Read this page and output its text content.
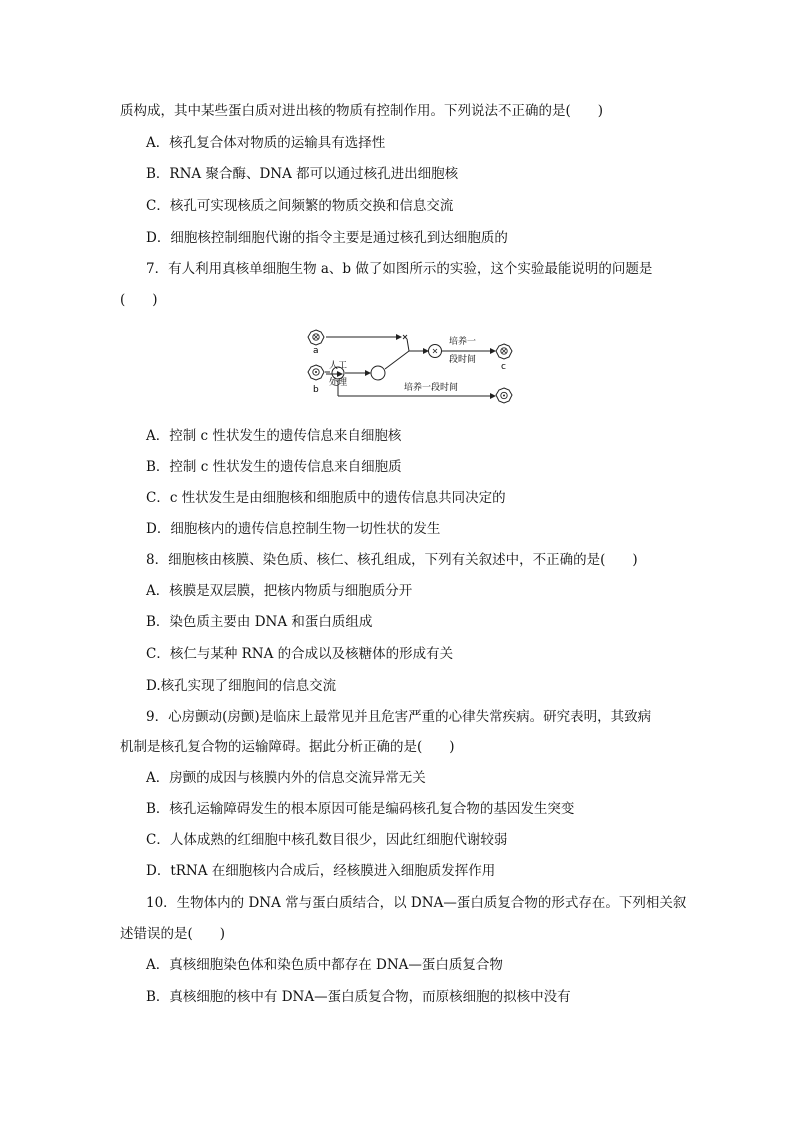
质构成，其中某些蛋白质对进出核的物质有控制作用。下列说法不正确的是(　　)
A．核孔复合体对物质的运输具有选择性
B．RNA 聚合酶、DNA 都可以通过核孔进出细胞核
C．核孔可实现核质之间频繁的物质交换和信息交流
D．细胞核控制细胞代谢的指令主要是通过核孔到达细胞质的
7．有人利用真核单细胞生物 a、b 做了如图所示的实验，这个实验最能说明的问题是
(　　)
a
b
人工
处理
培养一
段时间
c
培养一段时间
A．控制 c 性状发生的遗传信息来自细胞核
B．控制 c 性状发生的遗传信息来自细胞质
C．c 性状发生是由细胞核和细胞质中的遗传信息共同决定的
D．细胞核内的遗传信息控制生物一切性状的发生
8．细胞核由核膜、染色质、核仁、核孔组成，下列有关叙述中，不正确的是(　　)
A．核膜是双层膜，把核内物质与细胞质分开
B．染色质主要由 DNA 和蛋白质组成
C．核仁与某种 RNA 的合成以及核糖体的形成有关
D.核孔实现了细胞间的信息交流
9．心房颤动(房颤)是临床上最常见并且危害严重的心律失常疾病。研究表明，其致病
机制是核孔复合物的运输障碍。据此分析正确的是(　　)
A．房颤的成因与核膜内外的信息交流异常无关
B．核孔运输障碍发生的根本原因可能是编码核孔复合物的基因发生突变
C．人体成熟的红细胞中核孔数目很少，因此红细胞代谢较弱
D．tRNA 在细胞核内合成后，经核膜进入细胞质发挥作用
10．生物体内的 DNA 常与蛋白质结合，以 DNA—蛋白质复合物的形式存在。下列相关叙
述错误的是(　　)
A．真核细胞染色体和染色质中都存在 DNA—蛋白质复合物
B．真核细胞的核中有 DNA—蛋白质复合物，而原核细胞的拟核中没有
